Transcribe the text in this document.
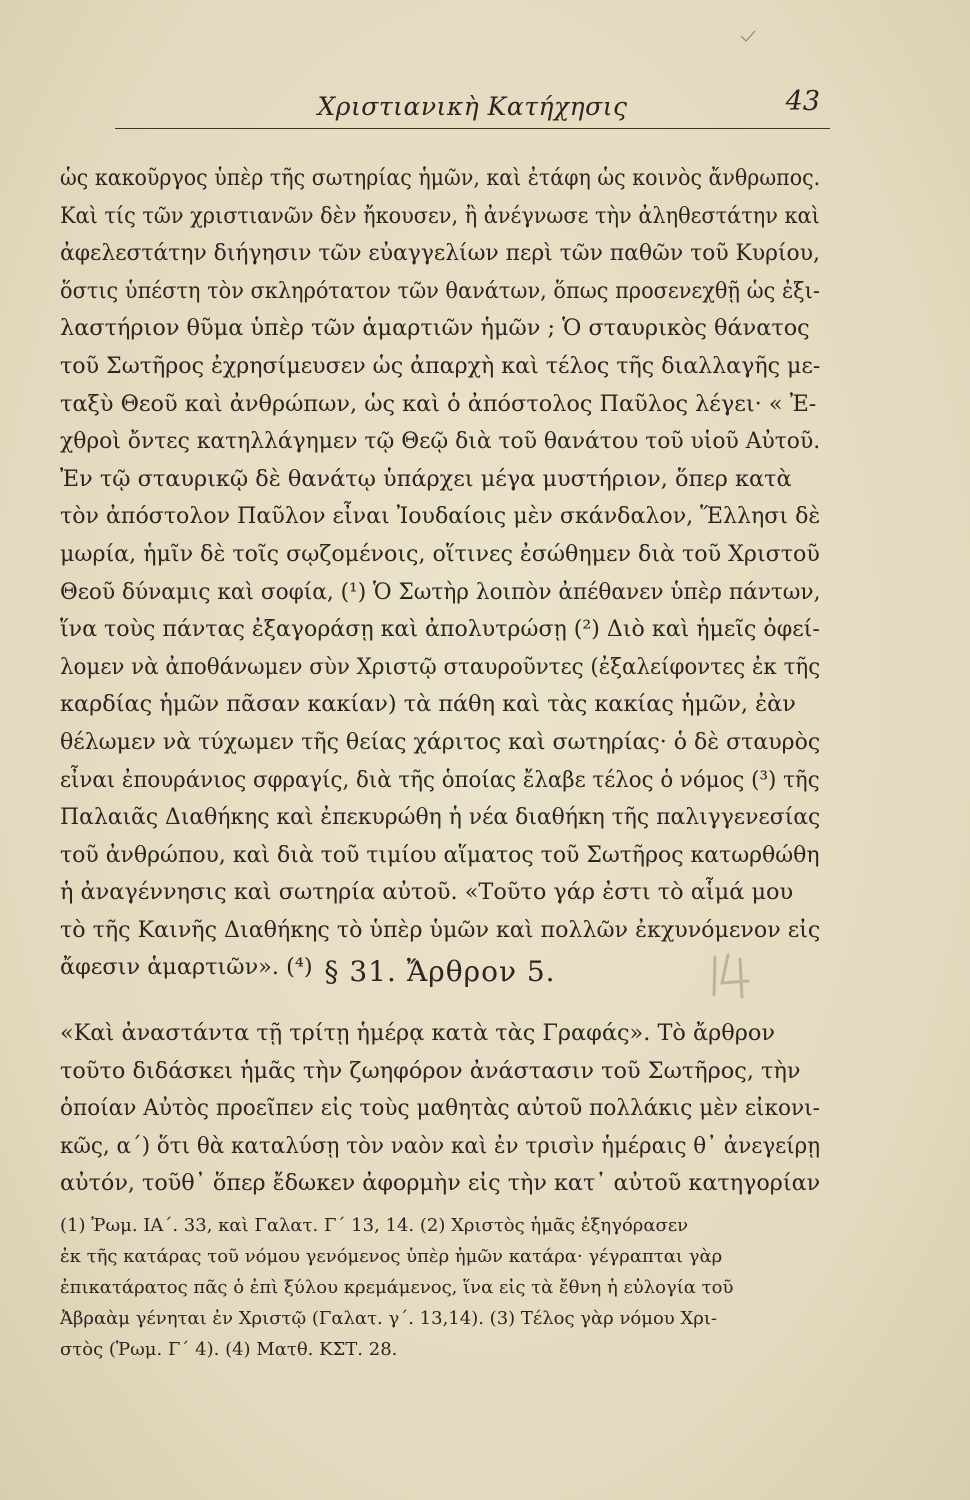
Χριστιανικὴ Κατήχησις	43
ὡς κακοῦργος ὑπὲρ τῆς σωτηρίας ἡμῶν, καὶ ἐτάφη ὡς κοινὸς ἄνθρωπος.
Καὶ τίς τῶν χριστιανῶν δὲν ἤκουσεν, ἢ ἀνέγνωσε τὴν ἀληθεστάτην καὶ
ἀφελεστάτην διήγησιν τῶν εὐαγγελίων περὶ τῶν παθῶν τοῦ Κυρίου,
ὅστις ὑπέστη τὸν σκληρότατον τῶν θανάτων, ὅπως προσενεχθῇ ὡς ἐξι-
λαστήριον θῦμα ὑπὲρ τῶν ἁμαρτιῶν ἡμῶν ; Ὁ σταυρικὸς θάνατος
τοῦ Σωτῆρος ἐχρησίμευσεν ὡς ἀπαρχὴ καὶ τέλος τῆς διαλλαγῆς με-
ταξὺ Θεοῦ καὶ ἀνθρώπων, ὡς καὶ ὁ ἀπόστολος Παῦλος λέγει· « Ἐ-
χθροὶ ὄντες κατηλλάγημεν τῷ Θεῷ διὰ τοῦ θανάτου τοῦ υἱοῦ Αὐτοῦ.
Ἐν τῷ σταυρικῷ δὲ θανάτῳ ὑπάρχει μέγα μυστήριον, ὅπερ κατὰ
τὸν ἀπόστολον Παῦλον εἶναι Ἰουδαίοις μὲν σκάνδαλον, Ἕλλησι δὲ
μωρία, ἡμῖν δὲ τοῖς σῳζομένοις, οἵτινες ἐσώθημεν διὰ τοῦ Χριστοῦ
Θεοῦ δύναμις καὶ σοφία, (¹) Ὁ Σωτὴρ λοιπὸν ἀπέθανεν ὑπὲρ πάντων,
ἵνα τοὺς πάντας ἐξαγοράσῃ καὶ ἀπολυτρώσῃ (²) Διὸ καὶ ἡμεῖς ὀφεί-
λομεν νὰ ἀποθάνωμεν σὺν Χριστῷ σταυροῦντες (ἐξαλείφοντες ἐκ τῆς
καρδίας ἡμῶν πᾶσαν κακίαν) τὰ πάθη καὶ τὰς κακίας ἡμῶν, ἐὰν
θέλωμεν νὰ τύχωμεν τῆς θείας χάριτος καὶ σωτηρίας· ὁ δὲ σταυρὸς
εἶναι ἐπουράνιος σφραγίς, διὰ τῆς ὁποίας ἔλαβε τέλος ὁ νόμος (³) τῆς
Παλαιᾶς Διαθήκης καὶ ἐπεκυρώθη ἡ νέα διαθήκη τῆς παλιγγενεσίας
τοῦ ἀνθρώπου, καὶ διὰ τοῦ τιμίου αἵματος τοῦ Σωτῆρος κατωρθώθη
ἡ ἀναγέννησις καὶ σωτηρία αὐτοῦ. «Τοῦτο γάρ ἐστι τὸ αἷμά μου
τὸ τῆς Καινῆς Διαθήκης τὸ ὑπὲρ ὑμῶν καὶ πολλῶν ἐκχυνόμενον εἰς
ἄφεσιν ἁμαρτιῶν». (⁴) § 31. Ἄρθρον 5.
«Καὶ ἀναστάντα τῇ τρίτῃ ἡμέρᾳ κατὰ τὰς Γραφάς». Τὸ ἄρθρον
τοῦτο διδάσκει ἡμᾶς τὴν ζωηφόρον ἀνάστασιν τοῦ Σωτῆρος, τὴν
ὁποίαν Αὐτὸς προεῖπεν εἰς τοὺς μαθητὰς αὐτοῦ πολλάκις μὲν εἰκονι-
κῶς, α΄) ὅτι θὰ καταλύσῃ τὸν ναὸν καὶ ἐν τρισὶν ἡμέραις θ᾿ ἀνεγείρῃ
αὐτόν, τοῦθ᾿ ὅπερ ἔδωκεν ἀφορμὴν εἰς τὴν κατ᾿ αὐτοῦ κατηγορίαν
(1) Ῥωμ. ΙΑ΄. 33, καὶ Γαλατ. Γ΄ 13, 14. (2) Χριστὸς ἡμᾶς ἐξηγόρασεν
ἐκ τῆς κατάρας τοῦ νόμου γενόμενος ὑπὲρ ἡμῶν κατάρα· γέγραπται γὰρ
ἐπικατάρατος πᾶς ὁ ἐπὶ ξύλου κρεμάμενος, ἵνα εἰς τὰ ἔθνη ἡ εὐλογία τοῦ
Ἀβραὰμ γένηται ἐν Χριστῷ (Γαλατ. γ΄. 13,14). (3) Τέλος γὰρ νόμου Χρι-
στὸς (Ῥωμ. Γ΄ 4). (4) Ματθ. ΚΣΤ. 28.
